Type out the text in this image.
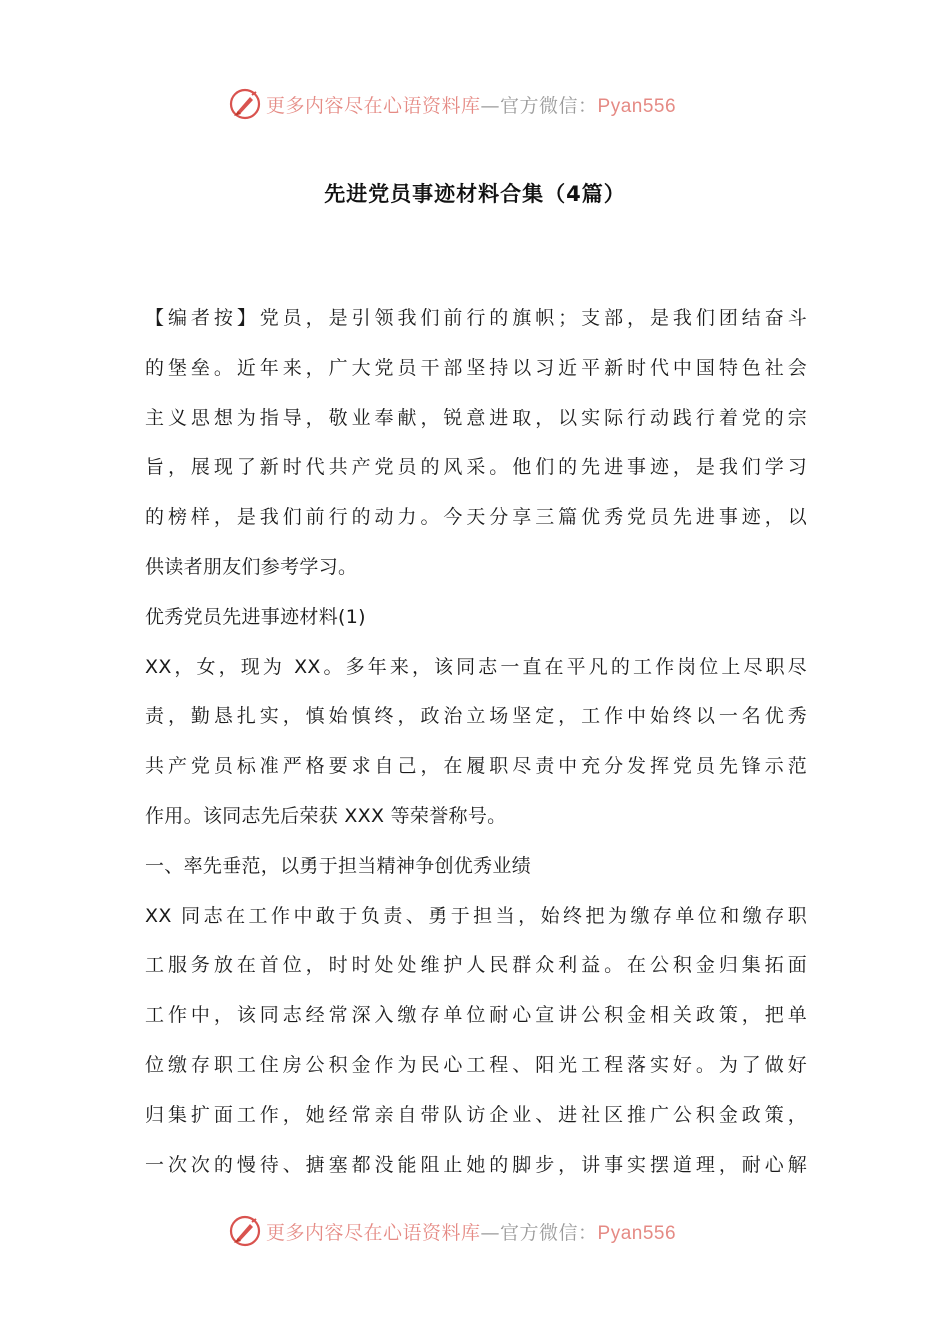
更多内容尽在心语资料库—官方微信：Pyan556
先进党员事迹材料合集（4篇）
【编者按】党员，是引领我们前行的旗帜；支部，是我们团结奋斗
的堡垒。近年来，广大党员干部坚持以习近平新时代中国特色社会
主义思想为指导，敬业奉献，锐意进取，以实际行动践行着党的宗
旨，展现了新时代共产党员的风采。他们的先进事迹，是我们学习
的榜样，是我们前行的动力。今天分享三篇优秀党员先进事迹，以
供读者朋友们参考学习。
优秀党员先进事迹材料(1)
XX，女，现为 XX。多年来，该同志一直在平凡的工作岗位上尽职尽
责，勤恳扎实，慎始慎终，政治立场坚定，工作中始终以一名优秀
共产党员标准严格要求自己，在履职尽责中充分发挥党员先锋示范
作用。该同志先后荣获 XXX 等荣誉称号。
一、率先垂范，以勇于担当精神争创优秀业绩
XX 同志在工作中敢于负责、勇于担当，始终把为缴存单位和缴存职
工服务放在首位，时时处处维护人民群众利益。在公积金归集拓面
工作中，该同志经常深入缴存单位耐心宣讲公积金相关政策，把单
位缴存职工住房公积金作为民心工程、阳光工程落实好。为了做好
归集扩面工作，她经常亲自带队访企业、进社区推广公积金政策，
一次次的慢待、搪塞都没能阻止她的脚步，讲事实摆道理，耐心解
更多内容尽在心语资料库—官方微信：Pyan556
